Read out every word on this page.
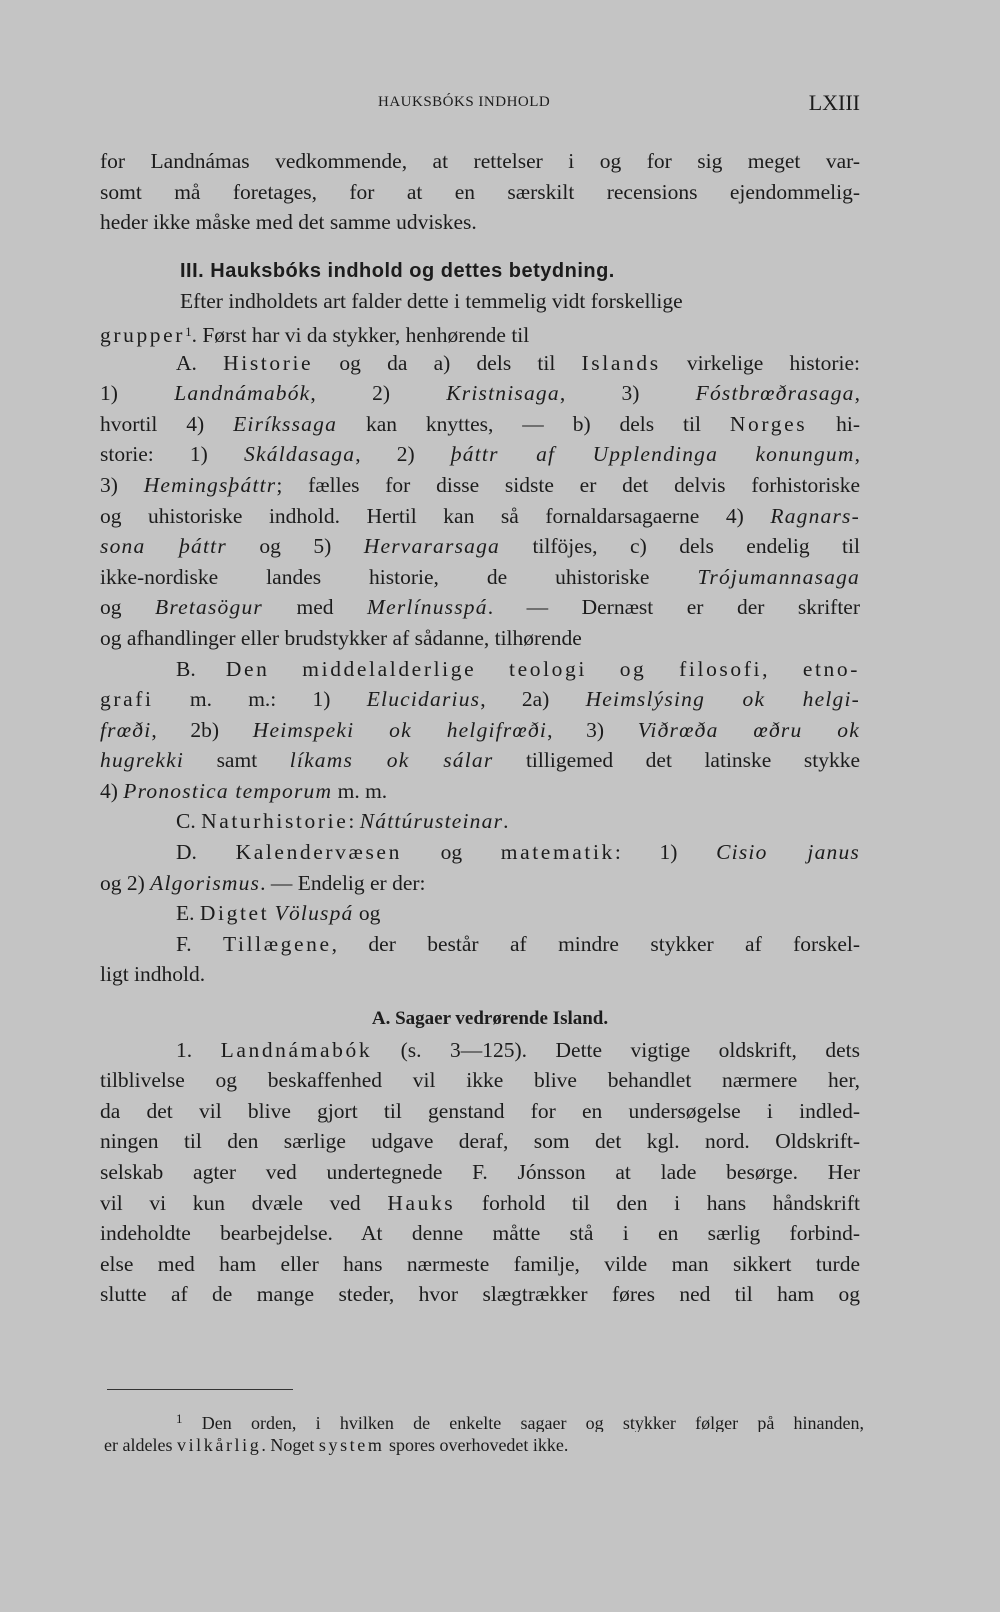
HAUKSBÓKS INDHOLD	LXIII
for Landnámas vedkommende, at rettelser i og for sig meget var-
somt må foretages, for at en særskilt recensions ejendommelig-
heder ikke måske med det samme udviskes.
III. Hauksbóks indhold og dettes betydning.
Efter indholdets art falder dette i temmelig vidt forskellige
grupper$^1$. Først har vi da stykker, henhørende til
A. Historie og da a) dels til Islands virkelige historie:
1) Landnámabók, 2) Kristnisaga, 3) Fóstbrœðrasaga,
hvortil 4) Eiríkssaga kan knyttes, — b) dels til Norges hi-
storie: 1) Skáldasaga, 2) þáttr af Upplendinga konungum,
3) Hemingsþáttr; fælles for disse sidste er det delvis forhistoriske
og uhistoriske indhold. Hertil kan så fornaldarsagaerne 4) Ragnars-
sona þáttr og 5) Hervararsaga tilföjes, c) dels endelig til
ikke-nordiske landes historie, de uhistoriske Trójumannasaga
og Bretasögur med Merlínusspá. — Dernæst er der skrifter
og afhandlinger eller brudstykker af sådanne, tilhørende
B. Den middelalderlige teologi og filosofi, etno-
grafi m. m.: 1) Elucidarius, 2a) Heimslýsing ok helgi-
frœði, 2b) Heimspeki ok helgifrœði, 3) Viðrœða œðru ok
hugrekki samt líkams ok sálar tilligemed det latinske stykke
4) Pronostica temporum m. m.
C. Naturhistorie: Náttúrusteinar.
D. Kalendervæsen og matematik: 1) Cisio janus
og 2) Algorismus. — Endelig er der:
E. Digtet Völuspá og
F. Tillægene, der består af mindre stykker af forskel-
ligt indhold.
A. Sagaer vedrørende Island.
1. Landnámabók (s. 3—125). Dette vigtige oldskrift, dets
tilblivelse og beskaffenhed vil ikke blive behandlet nærmere her,
da det vil blive gjort til genstand for en undersøgelse i indled-
ningen til den særlige udgave deraf, som det kgl. nord. Oldskrift-
selskab agter ved undertegnede F. Jónsson at lade besørge. Her
vil vi kun dvæle ved Hauks forhold til den i hans håndskrift
indeholdte bearbejdelse. At denne måtte stå i en særlig forbind-
else med ham eller hans nærmeste familje, vilde man sikkert turde
slutte af de mange steder, hvor slægtrækker føres ned til ham og
$^1$ Den orden, i hvilken de enkelte sagaer og stykker følger på hinanden,
er aldeles vilkårlig. Noget system spores overhovedet ikke.
